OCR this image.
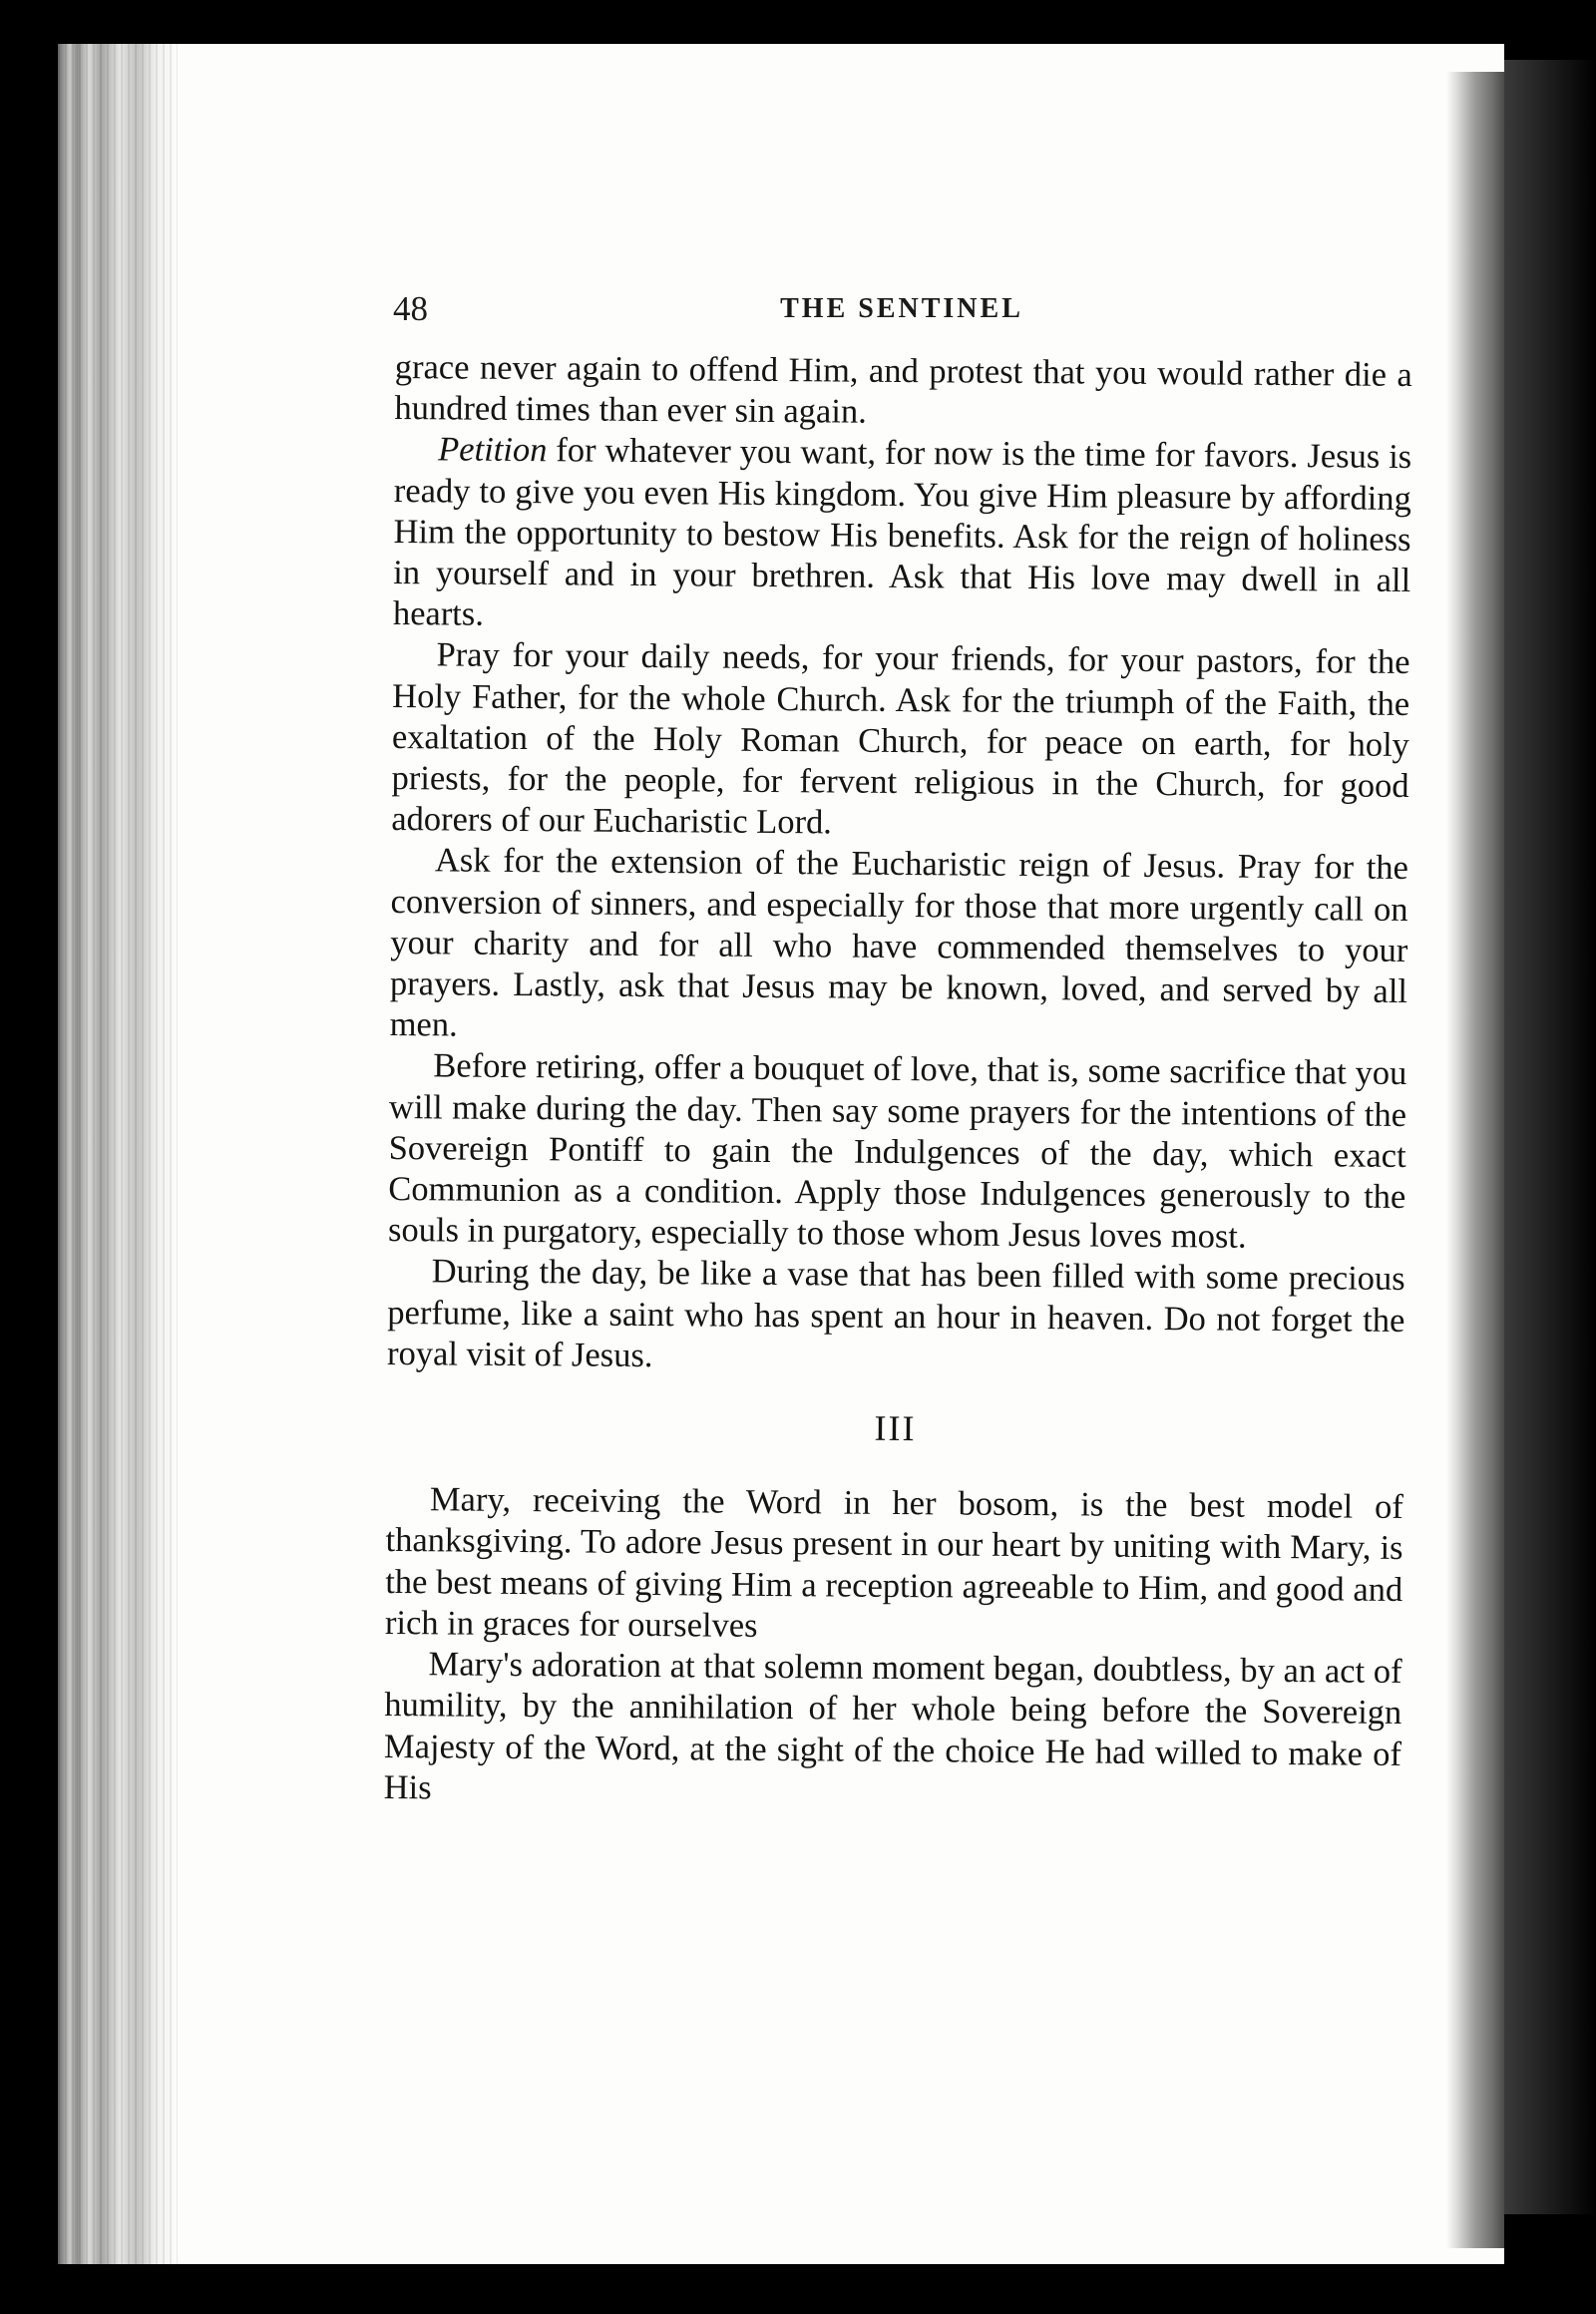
48	THE SENTINEL

grace never again to offend Him, and protest that you would rather die a hundred times than ever sin again.

Petition for whatever you want, for now is the time for favors. Jesus is ready to give you even His kingdom. You give Him pleasure by affording Him the opportunity to bestow His benefits. Ask for the reign of holiness in yourself and in your brethren. Ask that His love may dwell in all hearts.

Pray for your daily needs, for your friends, for your pastors, for the Holy Father, for the whole Church. Ask for the triumph of the Faith, the exaltation of the Holy Roman Church, for peace on earth, for holy priests, for the people, for fervent religious in the Church, for good adorers of our Eucharistic Lord.

Ask for the extension of the Eucharistic reign of Jesus. Pray for the conversion of sinners, and especially for those that more urgently call on your charity and for all who have commended themselves to your prayers. Lastly, ask that Jesus may be known, loved, and served by all men.

Before retiring, offer a bouquet of love, that is, some sacrifice that you will make during the day. Then say some prayers for the intentions of the Sovereign Pontiff to gain the Indulgences of the day, which exact Communion as a condition. Apply those Indulgences generously to the souls in purgatory, especially to those whom Jesus loves most.

During the day, be like a vase that has been filled with some precious perfume, like a saint who has spent an hour in heaven. Do not forget the royal visit of Jesus.

III

Mary, receiving the Word in her bosom, is the best model of thanksgiving. To adore Jesus present in our heart by uniting with Mary, is the best means of giving Him a reception agreeable to Him, and good and rich in graces for ourselves

Mary's adoration at that solemn moment began, doubtless, by an act of humility, by the annihilation of her whole being before the Sovereign Majesty of the Word, at the sight of the choice He had willed to make of His
